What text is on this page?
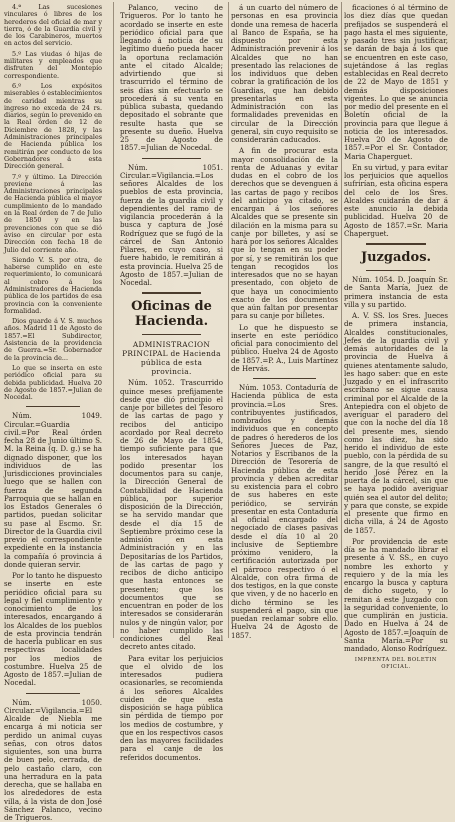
4.ª Las sucesiones vinculares ó libres de los herederos del oficial de mar y tierra, ó de la Guardia civil y de los Carabineros, muertos en actos del servicio.

5.º Las viudas ó hijas de militares y empleados que disfruten del Montepío correspondiente.

6.º Los expósitos miserables ó establecimientos de caridad mientras su ingreso no exceda de 24 rs. diarios, según lo prevenido en la Real órden de 12 de Diciembre de 1828, y las Administraciones principales de Hacienda pública los remitirán por conducto de los Gobernadores á esta Dirección general.

7.º y último. La Dirección previene á las Administraciones principales de Hacienda pública el mayor cumplimiento de lo mandado en la Real órden de 7 de Julio de 1850 y en las prevenciones con que se dió aviso en circular por esta Dirección con fecha 18 de Julio del corriente año.

Siendo V. S. por otra, de haberse cumplido en este requerimiento, lo comunicará al cobro á los Administradores de Hacienda pública de los partidos de esa provincia con la conveniente formalidad.

Dios guarde á V. S. muchos años. Madrid 11 de Agosto de 1857.=El Subdirector, Asistencia de la providencia de Guerra.=Sr. Gobernador de la provincia de...

Lo que se inserta en este periódico oficial para su debida publicidad. Huelva 20 de Agosto de 1857.=Julian de Nocedal.

Núm. 1049. Circular.=Guardia civil.=Por Real órden fecha 28 de Junio último S. M. la Reina (q. D. g.) se ha dignado disponer, que los individuos de las Jurisdicciones provinciales luego que se hallen con fuerza de segunda Parroquia que se hallan en los Estados Generales ó partidos, puedan solicitar su pase al Escmo. Sr. Director de la Guardia civil previo el correspondiente expediente en la instancia la compañía ó provincia á donde quieran servir.

Por lo tanto he dispuesto se inserte en este periódico oficial para su legal y fiel cumplimiento y conocimiento de los interesados, encargando á los Alcaldes de los pueblos de esta provincia tendrán de hacerla publicar en sus respectivas localidades por los medios de costumbre. Huelva 25 de Agosto de 1857.=Julian de Nocedal.

Núm. 1050. Circular.=Vigilancia.=El Alcalde de Niebla me encarga á mi noticia ser perdido un animal cuyas señas, con otros datos siguientes, son una burra de buen pelo, cerrada, de pelo castaño claro, con una herradura en la pata derecha, que se hallaba en los alrededores de esta villa, á la vista de don José Sánchez Palanco, vecino de Trigueros.

Palanco, vecino de Trigueros. Por lo tanto he acordado se inserte en este periódico oficial para que llegando á noticia de su legítimo dueño pueda hacer la oportuna reclamación ante el citado Alcalde; advirtiendo que si trascurrido el término de seis días sin efectuarlo se procederá á su venta en pública subasta, quedando depositado el sobrante que resulte hasta que se presente su dueño. Huelva 25 de Agosto de 1857.=Julian de Nocedal.

Núm. 1051. Circular.=Vigilancia.=Los señores Alcaldes de los pueblos de esta provincia, fuerza de la guardia civil y dependientes del ramo de vigilancia procederán á la busca y captura de José Rodríguez que se fugó de la cárcel de San Antonio Pilares, en cuyo caso, si fuere habido, le remitirán á esta provincia. Huelva 25 de Agosto de 1857.=Julian de Nocedal.

Oficinas de Hacienda.
ADMINISTRACION PRINCIPAL de Hacienda pública de esta provincia.

Núm. 1052. Trascurrido quince meses prefijamente desde que dió principio el canje por billetes del Tesoro de las cartas de pago y recibos del anticipo acordado por Real decreto de 26 de Mayo de 1854, tiempo suficiente para que los interesados hayan podido presentar los documentos para su canje, la Dirección General de Contabilidad de Hacienda pública, por superior disposición de la Dirección, se ha servido mandar que desde el día 15 de Septiembre próximo cese la admisión en esta Administración y en las Depositarías de los Partidos, de las cartas de pago y recibos de dicho anticipo que hasta entonces se presenten; que los documentos que se encuentran en poder de los interesados se considerarán nulos y de ningún valor, por no haber cumplido las condiciones del Real decreto antes citado.

Para evitar los perjuicios que el olvido de los interesados pudiera ocasionarles, se recomienda á los señores Alcaldes cuiden de que esta disposición se haga pública sin pérdida de tiempo por los medios de costumbre, y que en los respectivos casos den las mayores facilidades para el canje de los referidos documentos.

á un cuarto del número de personas en esa provincia donde una remesa de hacerla al Banco de España, se ha dispuesto por esta Administración prevenir á los Alcaldes que no han presentado las relaciones de los individuos que deben cobrar la gratificación de los Guardias, que han debido presentarlas en esta Administración con las formalidades prevenidas en circular de la Dirección general, sin cuyo requisito se considerarán caducados.

A fin de procurar esta mayor consolidación de la renta de Aduanas y evitar dudas en el cobro de los derechos que se devenguen á las cartas de pago y recibos del anticipo ya citado, se encargan á los señores Alcaldes que se presente sin dilación en la misma para su canje por billetes, y así se hará por los señores Alcaldes que lo tengan en su poder por sí, y se remitirán los que tengan recogidos los interesados que no se hayan presentado, con objeto de que haya un conocimiento exacto de los documentos que aún faltan por presentar para su canje por billetes.

Lo que he dispuesto se inserte en este periódico oficial para conocimiento del público. Huelva 24 de Agosto de 1857.=P. A., Luis Martínez de Hervás.

Núm. 1053. Contaduría de Hacienda pública de esta provincia.=Los Sres. contribuyentes justificados, nombrados y demás individuos que en concepto de padres ó herederos de los Señores Jueces de Paz, Notarios y Escribanos de la Dirección de Tesorería de Hacienda pública de esta provincia y deben acreditar su existencia para el cobro de sus haberes en este periódico, se servirán presentar en esta Contaduría al oficial encargado del negociado de clases pasivas desde el día 10 al 20 inclusive de Septiembre próximo venidero, la certificación autorizada por el párroco respectivo ó el Alcalde, con otra firma de dos testigos, en la que conste que viven, y de no hacerlo en dicho término se les suspenderá el pago, sin que puedan reclamar sobre ello. Huelva 24 de Agosto de 1857.

ficaciones ó al término de los diez días que quedan prefijados se suspenderá el pago hasta el mes siguiente, y pasado tres sin justificar, se darán de baja á los que se encuentren en este caso, sujetándose á las reglas establecidas en Real decreto de 22 de Mayo de 1851 y demás disposiciones vigentes. Lo que se anuncia por medio del presente en el Boletín oficial de la provincia para que llegue á noticia de los interesados. Huelva 20 de Agosto de 1857.=Por el Sr. Contador, Maria Chaperguet.

En su virtud, y para evitar los perjuicios que aquellos sufrirían, esta oficina espera del celo de los Sres. Alcaldes cuidarán de dar á este anuncio la debida publicidad. Huelva 20 de Agosto de 1857.=Sr. Maria Chaperguet.

Juzgados.

Núm. 1054. D. Joaquín Sr. de Santa María, Juez de primera instancia de esta villa y su partido.

A. V. SS. los Sres. Jueces de primera instancia, Alcaldes constitucionales, Jefes de la guardia civil y demás autoridades de la provincia de Huelva á quienes atentamente saludo, les hago saber: que en este Juzgado y en el infrascrito escribano se sigue causa criminal por el Alcalde de la Antepiedra con el objeto de averiguar el paradero del que con la noche del día 18 del presente mes, siendo como las diez, ha sido herido el individuo de este pueblo, con la pérdida de su sangre, de la que resultó el herido José Pérez en la puerta de la cárcel, sin que se haya podido averiguar quién sea el autor del delito; y para que conste, se expide el presente que firmo en dicha villa, á 24 de Agosto de 1857.

Por providencia de este día se ha mandado librar el presente á V. SS., en cuyo nombre les exhorto y requiero y de la mía les encargo la busca y captura de dicho sugeto, y lo remitan á este Juzgado con la seguridad conveniente, lo que cumplirán en justicia. Dado en Huelva á 24 de Agosto de 1857.=Joaquín de Santa María.=Por su mandado, Alonso Rodríguez.

IMPRENTA DEL BOLETIN OFICIAL.
